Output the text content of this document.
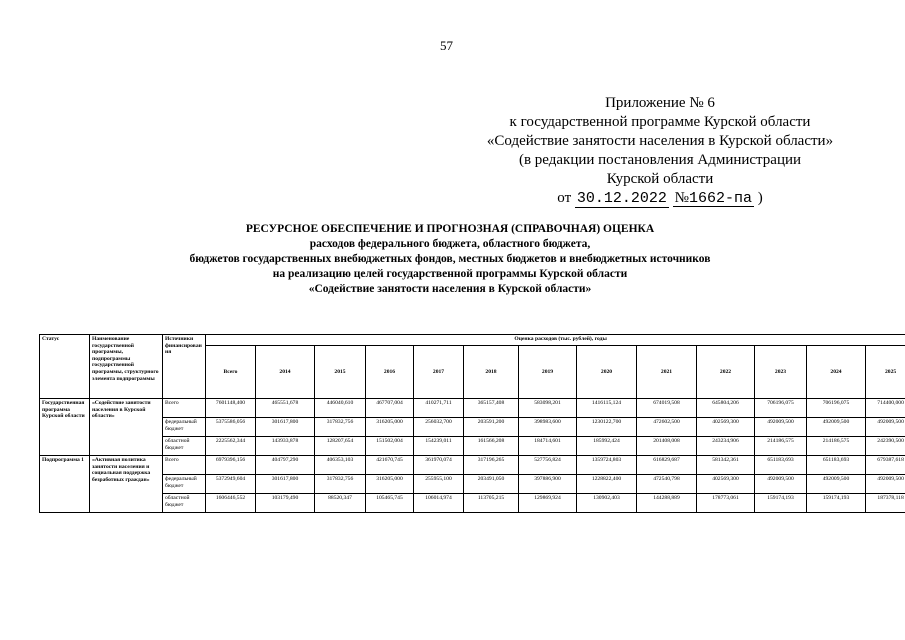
57
Приложение № 6
к государственной программе Курской области
«Содействие занятости населения в Курской области»
(в редакции постановления Администрации
Курской области
от 30.12.2022 №1662-па )
РЕСУРСНОЕ ОБЕСПЕЧЕНИЕ И ПРОГНОЗНАЯ (СПРАВОЧНАЯ) ОЦЕНКА
расходов федерального бюджета, областного бюджета,
бюджетов государственных внебюджетных фондов, местных бюджетов и внебюджетных источников
на реализацию целей государственной программы Курской области
«Содействие занятости населения в Курской области»
Статус	Наименование государственной программы, подпрограммы государственной программы, структурного элемента подпрограммы	Источники финансирования	Оценка расходов (тыс. рублей), годы												
			Всего	2014	2015	2016	2017	2018	2019	2020	2021	2022	2023	2024	2025
Государственная программа Курской области	«Содействие занятости населения в Курской области»	Всего	7601148,400	465551,678	446040,610	467707,004	410271,711	365157,408	583098,201	1416115,124	674019,508	645804,206	706196,075	706196,075	714400,000
		федеральный бюджет	5375586,056	301617,800	317832,756	316205,000	256032,700	203591,200	398983,600	1230122,700	472602,500	402569,300	492009,500	492009,500	492009,500
		областной бюджет	2225562,344	143933,878	128207,654	151502,004	154239,011	161566,208	184714,601	185992,424	201408,008	243234,906	214186,575	214186,575	242390,500
Подпрограмма 1	«Активная политика занятости населения и социальная поддержка безработных граждан»	Всего	6979396,156	404797,290	406353,103	421670,745	361970,074	317196,265	527756,824	1359724,803	616829,687	581342,361	651183,693	651183,693	679387,618
		федеральный бюджет	5372949,604	301617,800	317832,756	316205,000	255955,100	203491,050	397886,900	1228822,400	472540,798	402569,300	492009,500	492009,500	492009,500
		областной бюджет	1606446,552	103179,490	88520,347	105465,745	106014,974	113705,215	129869,924	130902,403	144288,889	178773,061	159174,193	159174,193	187378,118
